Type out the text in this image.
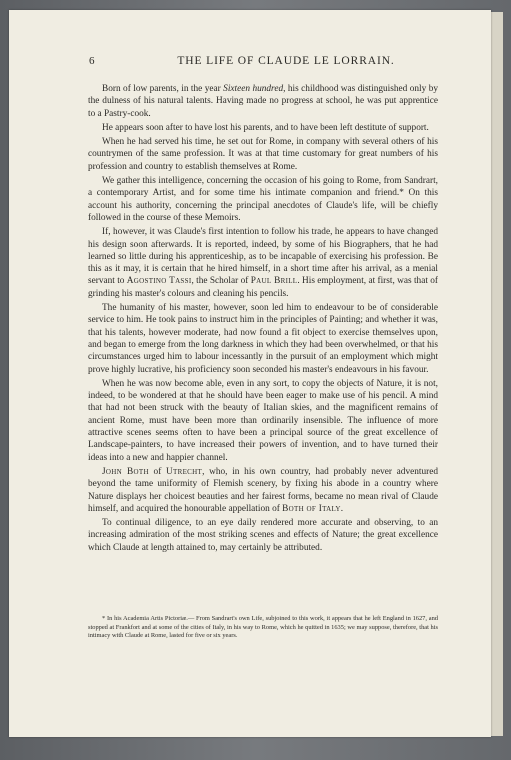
6	THE LIFE OF CLAUDE LE LORRAIN.

Born of low parents, in the year Sixteen hundred, his childhood was distinguished only by the dulness of his natural talents. Having made no progress at school, he was put apprentice to a Pastry-cook.

He appears soon after to have lost his parents, and to have been left destitute of support.

When he had served his time, he set out for Rome, in company with several others of his countrymen of the same profession. It was at that time customary for great numbers of his profession and country to establish themselves at Rome.

We gather this intelligence, concerning the occasion of his going to Rome, from Sandrart, a contemporary Artist, and for some time his intimate companion and friend.* On this account his authority, concerning the principal anecdotes of Claude's life, will be chiefly followed in the course of these Memoirs.

If, however, it was Claude's first intention to follow his trade, he appears to have changed his design soon afterwards. It is reported, indeed, by some of his Biographers, that he had learned so little during his apprenticeship, as to be incapable of exercising his profession. Be this as it may, it is certain that he hired himself, in a short time after his arrival, as a menial servant to Agostino Tassi, the Scholar of Paul Brill. His employment, at first, was that of grinding his master's colours and cleaning his pencils.

The humanity of his master, however, soon led him to endeavour to be of considerable service to him. He took pains to instruct him in the principles of Painting; and whether it was, that his talents, however moderate, had now found a fit object to exercise themselves upon, and began to emerge from the long darkness in which they had been overwhelmed, or that his circumstances urged him to labour incessantly in the pursuit of an employment which might prove highly lucrative, his proficiency soon seconded his master's endeavours in his favour.

When he was now become able, even in any sort, to copy the objects of Nature, it is not, indeed, to be wondered at that he should have been eager to make use of his pencil. A mind that had not been struck with the beauty of Italian skies, and the magnificent remains of ancient Rome, must have been more than ordinarily insensible. The influence of more attractive scenes seems often to have been a principal source of the great excellence of Landscape-painters, to have increased their powers of invention, and to have turned their ideas into a new and happier channel.

John Both of Utrecht, who, in his own country, had probably never adventured beyond the tame uniformity of Flemish scenery, by fixing his abode in a country where Nature displays her choicest beauties and her fairest forms, became no mean rival of Claude himself, and acquired the honourable appellation of Both of Italy.

To continual diligence, to an eye daily rendered more accurate and observing, to an increasing admiration of the most striking scenes and effects of Nature; the great excellence which Claude at length attained to, may certainly be attributed.

* In his Academia Artis Pictoriæ.— From Sandrart's own Life, subjoined to this work, it appears that he left England in 1627, and stopped at Frankfort and at some of the cities of Italy, in his way to Rome, which he quitted in 1635; we may suppose, therefore, that his intimacy with Claude at Rome, lasted for five or six years.
